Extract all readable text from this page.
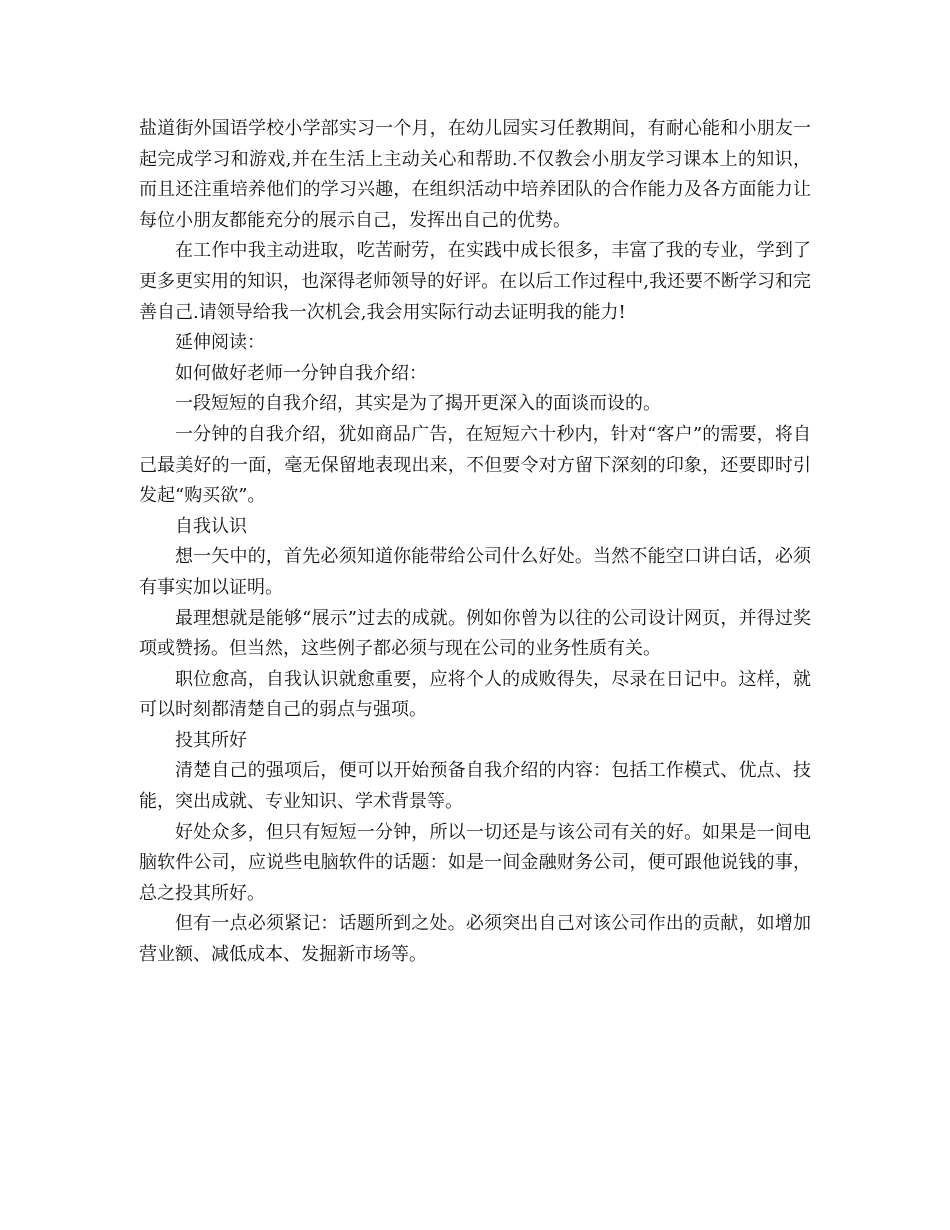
盐道街外国语学校小学部实习一个月，在幼儿园实习任教期间，有耐心能和小朋友一起完成学习和游戏,并在生活上主动关心和帮助.不仅教会小朋友学习课本上的知识，而且还注重培养他们的学习兴趣，在组织活动中培养团队的合作能力及各方面能力让每位小朋友都能充分的展示自己，发挥出自己的优势。

在工作中我主动进取，吃苦耐劳，在实践中成长很多，丰富了我的专业，学到了更多更实用的知识，也深得老师领导的好评。在以后工作过程中,我还要不断学习和完善自己.请领导给我一次机会,我会用实际行动去证明我的能力!

延伸阅读：

如何做好老师一分钟自我介绍：

一段短短的自我介绍，其实是为了揭开更深入的面谈而设的。

一分钟的自我介绍，犹如商品广告，在短短六十秒内，针对“客户”的需要，将自己最美好的一面，毫无保留地表现出来，不但要令对方留下深刻的印象，还要即时引发起“购买欲”。

自我认识

想一矢中的，首先必须知道你能带给公司什么好处。当然不能空口讲白话，必须有事实加以证明。

最理想就是能够“展示”过去的成就。例如你曾为以往的公司设计网页，并得过奖项或赞扬。但当然，这些例子都必须与现在公司的业务性质有关。

职位愈高，自我认识就愈重要，应将个人的成败得失，尽录在日记中。这样，就可以时刻都清楚自己的弱点与强项。

投其所好

清楚自己的强项后，便可以开始预备自我介绍的内容：包括工作模式、优点、技能，突出成就、专业知识、学术背景等。

好处众多，但只有短短一分钟，所以一切还是与该公司有关的好。如果是一间电脑软件公司，应说些电脑软件的话题：如是一间金融财务公司，便可跟他说钱的事，总之投其所好。

但有一点必须紧记：话题所到之处。必须突出自己对该公司作出的贡献，如增加营业额、减低成本、发掘新市场等。
